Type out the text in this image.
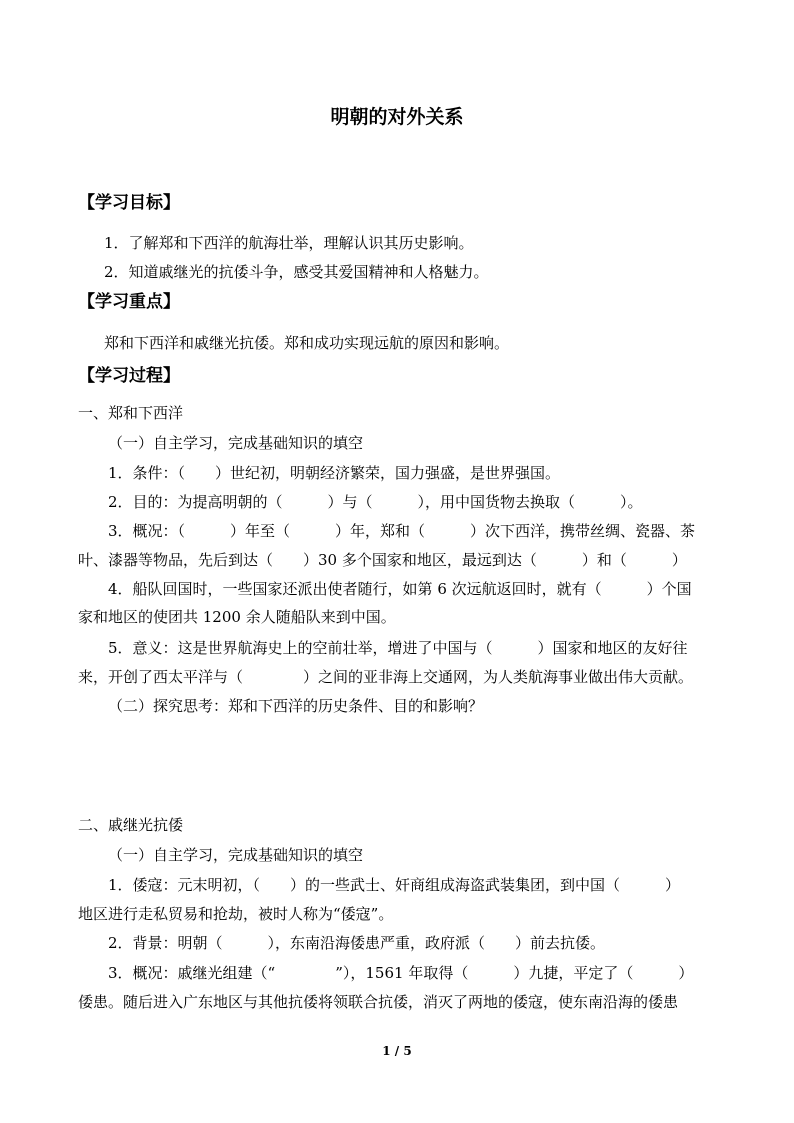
明朝的对外关系
【学习目标】
1．了解郑和下西洋的航海壮举，理解认识其历史影响。
2．知道戚继光的抗倭斗争，感受其爱国精神和人格魅力。
【学习重点】
郑和下西洋和戚继光抗倭。郑和成功实现远航的原因和影响。
【学习过程】
一、郑和下西洋
（一）自主学习，完成基础知识的填空
1．条件：（　　）世纪初，明朝经济繁荣，国力强盛，是世界强国。
2．目的：为提高明朝的（　　　）与（　　　），用中国货物去换取（　　　）。
3．概况：（　　　）年至（　　　）年，郑和（　　　）次下西洋，携带丝绸、瓷器、茶
叶、漆器等物品，先后到达（　　）30 多个国家和地区，最远到达（　　　）和（　　　）
4．船队回国时，一些国家还派出使者随行，如第 6 次远航返回时，就有（　　　）个国
家和地区的使团共 1200 余人随船队来到中国。
5．意义：这是世界航海史上的空前壮举，增进了中国与（　　　）国家和地区的友好往
来，开创了西太平洋与（　　　　）之间的亚非海上交通网，为人类航海事业做出伟大贡献。
（二）探究思考：郑和下西洋的历史条件、目的和影响？
二、戚继光抗倭
（一）自主学习，完成基础知识的填空
1．倭寇：元末明初，（　　）的一些武士、奸商组成海盗武装集团，到中国（　　　）
地区进行走私贸易和抢劫，被时人称为“倭寇”。
2．背景：明朝（　　　），东南沿海倭患严重，政府派（　　）前去抗倭。
3．概况：戚继光组建（“　　　　”），1561 年取得（　　　）九捷，平定了（　　　）
倭患。随后进入广东地区与其他抗倭将领联合抗倭，消灭了两地的倭寇，使东南沿海的倭患
1 / 5
